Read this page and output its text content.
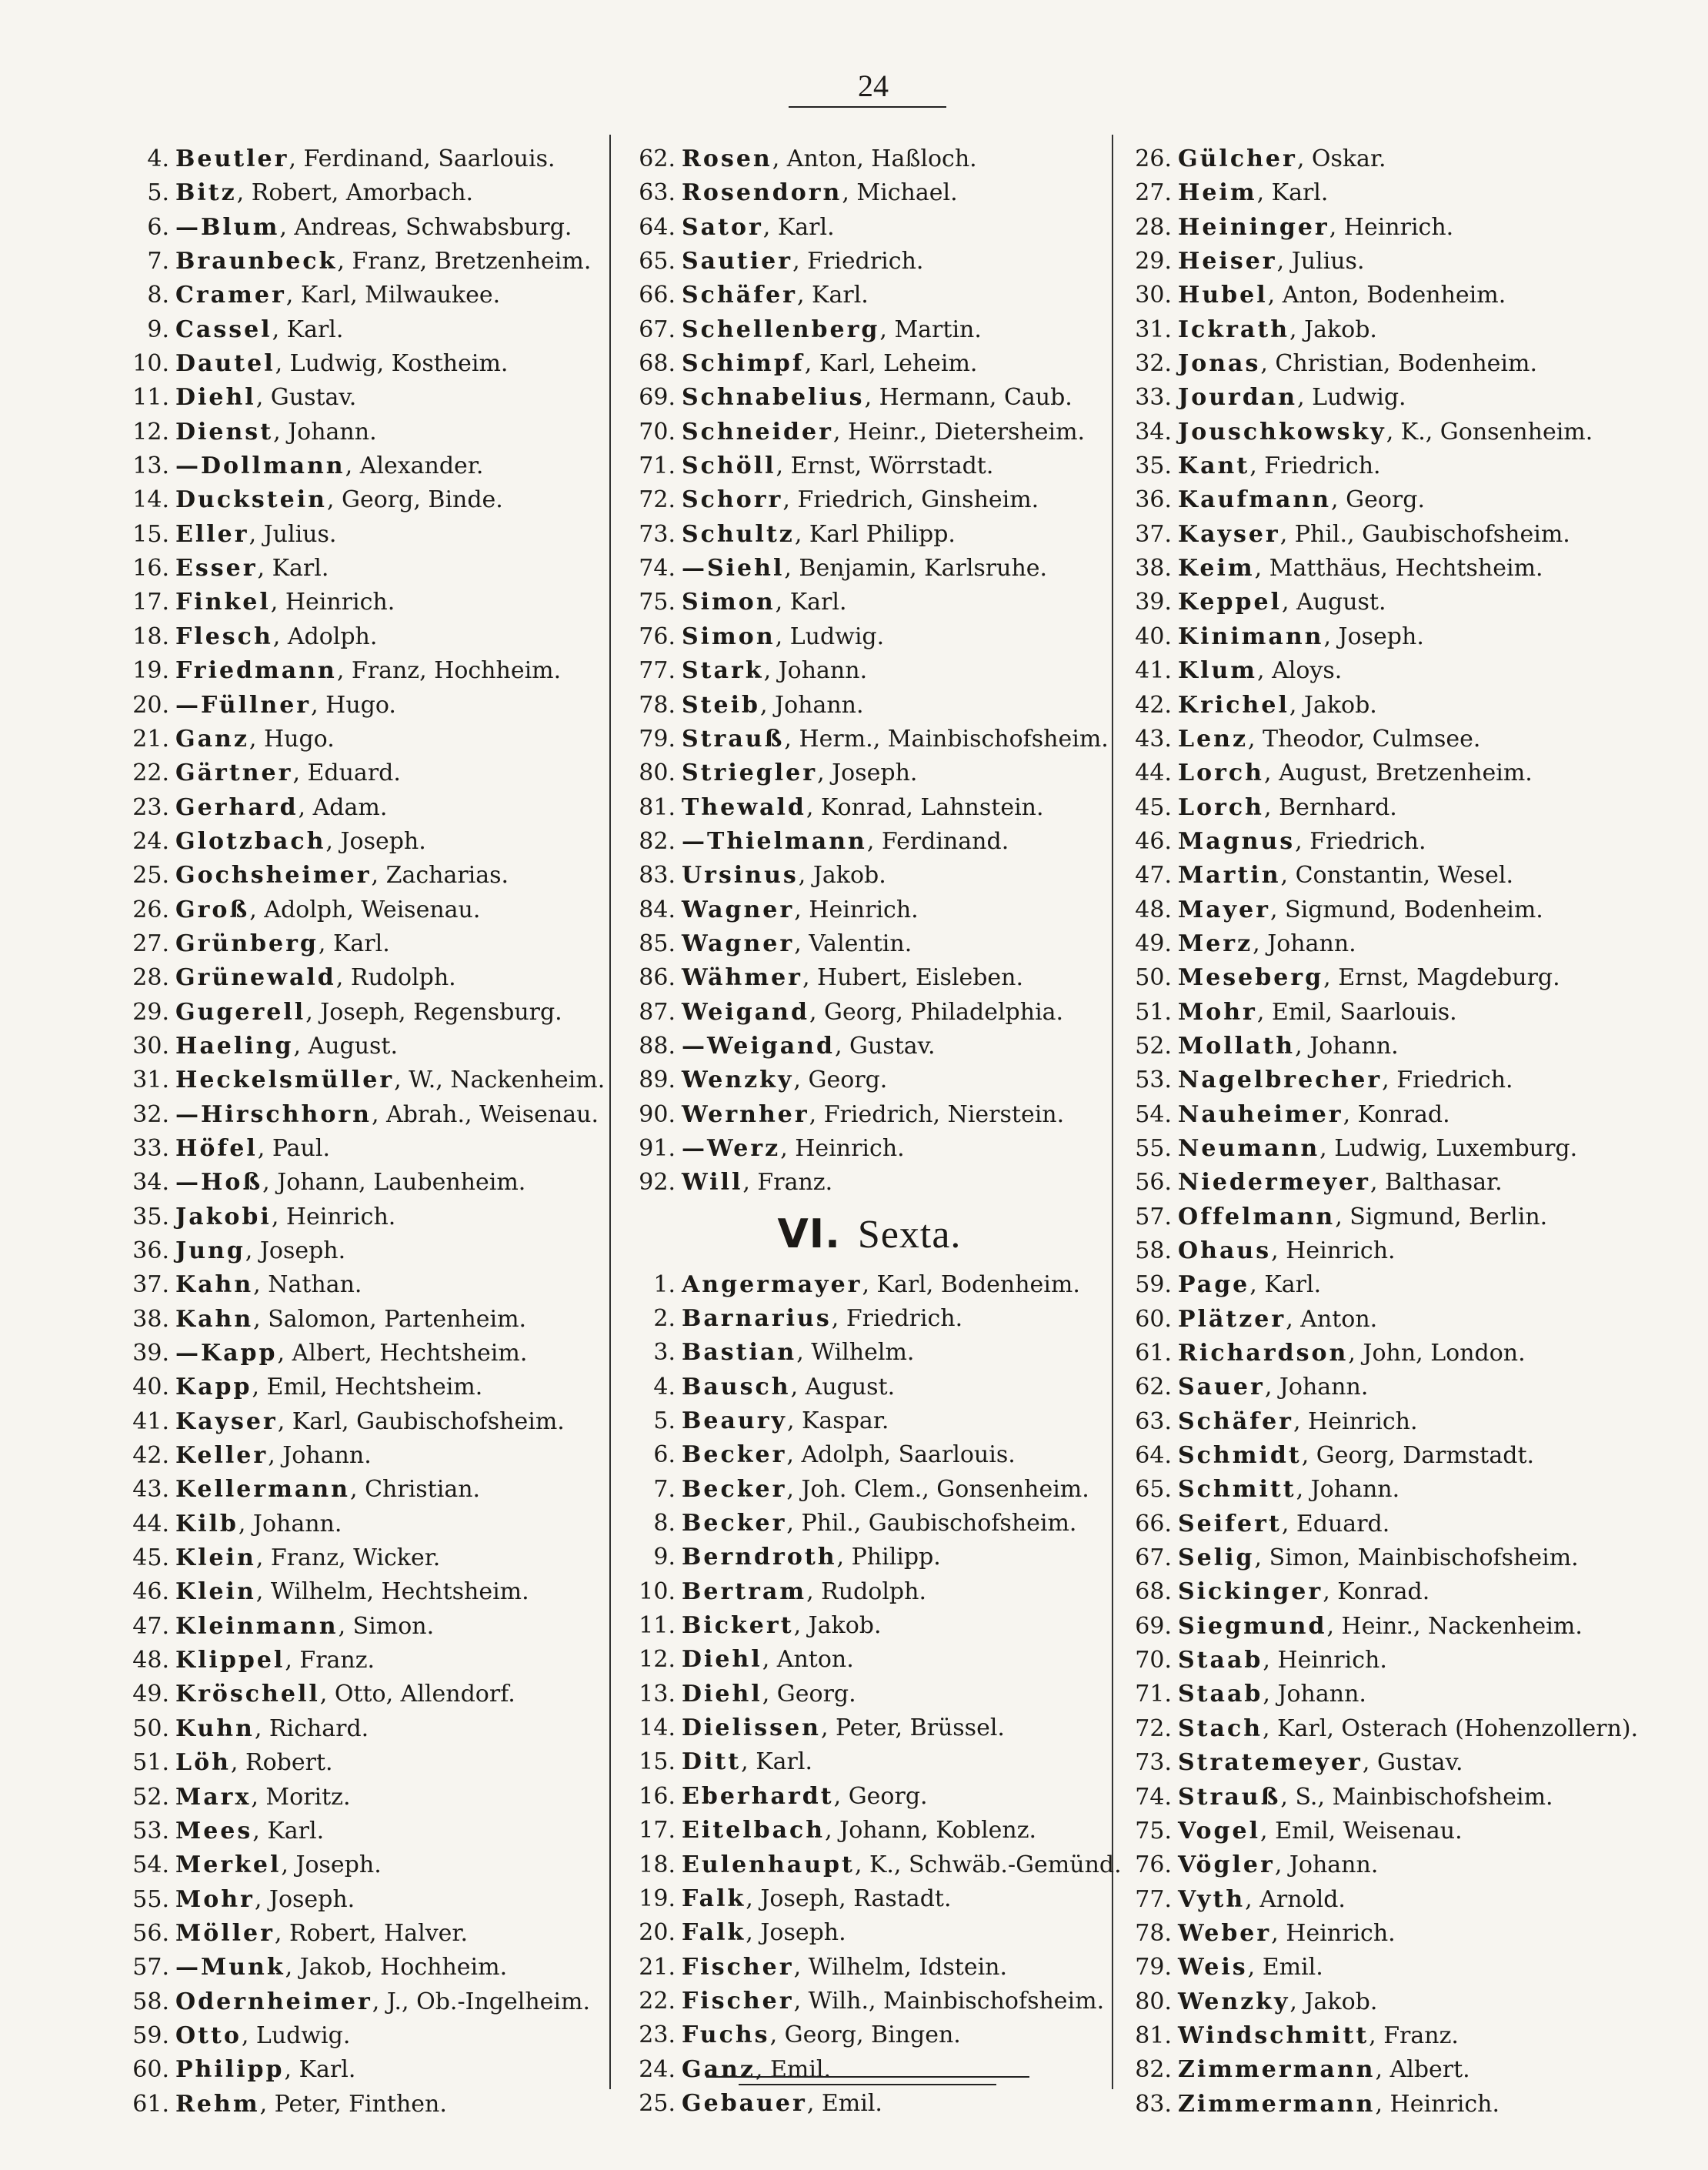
24
4. Beutler, Ferdinand, Saarlouis.
5. Bitz, Robert, Amorbach.
6. —Blum, Andreas, Schwabsburg.
7. Braunbeck, Franz, Bretzenheim.
8. Cramer, Karl, Milwaukee.
9. Cassel, Karl.
10. Dautel, Ludwig, Kostheim.
11. Diehl, Gustav.
12. Dienst, Johann.
13. —Dollmann, Alexander.
14. Duckstein, Georg, Binde.
15. Eller, Julius.
16. Esser, Karl.
17. Finkel, Heinrich.
18. Flesch, Adolph.
19. Friedmann, Franz, Hochheim.
20. —Füllner, Hugo.
21. Ganz, Hugo.
22. Gärtner, Eduard.
23. Gerhard, Adam.
24. Glotzbach, Joseph.
25. Gochsheimer, Zacharias.
26. Groß, Adolph, Weisenau.
27. Grünberg, Karl.
28. Grünewald, Rudolph.
29. Gugerell, Joseph, Regensburg.
30. Haeling, August.
31. Heckelsmüller, W., Nackenheim.
32. —Hirschhorn, Abrah., Weisenau.
33. Höfel, Paul.
34. —Hoß, Johann, Laubenheim.
35. Jakobi, Heinrich.
36. Jung, Joseph.
37. Kahn, Nathan.
38. Kahn, Salomon, Partenheim.
39. —Kapp, Albert, Hechtsheim.
40. Kapp, Emil, Hechtsheim.
41. Kayser, Karl, Gaubischofsheim.
42. Keller, Johann.
43. Kellermann, Christian.
44. Kilb, Johann.
45. Klein, Franz, Wicker.
46. Klein, Wilhelm, Hechtsheim.
47. Kleinmann, Simon.
48. Klippel, Franz.
49. Kröschell, Otto, Allendorf.
50. Kuhn, Richard.
51. Löh, Robert.
52. Marx, Moritz.
53. Mees, Karl.
54. Merkel, Joseph.
55. Mohr, Joseph.
56. Möller, Robert, Halver.
57. —Munk, Jakob, Hochheim.
58. Odernheimer, J., Ob.-Ingelheim.
59. Otto, Ludwig.
60. Philipp, Karl.
61. Rehm, Peter, Finthen.
62. Rosen, Anton, Haßloch.
63. Rosendorn, Michael.
64. Sator, Karl.
65. Sautier, Friedrich.
66. Schäfer, Karl.
67. Schellenberg, Martin.
68. Schimpf, Karl, Leheim.
69. Schnabelius, Hermann, Caub.
70. Schneider, Heinr., Dietersheim.
71. Schöll, Ernst, Wörrstadt.
72. Schorr, Friedrich, Ginsheim.
73. Schultz, Karl Philipp.
74. —Siehl, Benjamin, Karlsruhe.
75. Simon, Karl.
76. Simon, Ludwig.
77. Stark, Johann.
78. Steib, Johann.
79. Strauß, Herm., Mainbischofsheim.
80. Striegler, Joseph.
81. Thewald, Konrad, Lahnstein.
82. —Thielmann, Ferdinand.
83. Ursinus, Jakob.
84. Wagner, Heinrich.
85. Wagner, Valentin.
86. Wähmer, Hubert, Eisleben.
87. Weigand, Georg, Philadelphia.
88. —Weigand, Gustav.
89. Wenzky, Georg.
90. Wernher, Friedrich, Nierstein.
91. —Werz, Heinrich.
92. Will, Franz.
VI. Sexta.
1. Angermayer, Karl, Bodenheim.
2. Barnarius, Friedrich.
3. Bastian, Wilhelm.
4. Bausch, August.
5. Beaury, Kaspar.
6. Becker, Adolph, Saarlouis.
7. Becker, Joh. Clem., Gonsenheim.
8. Becker, Phil., Gaubischofsheim.
9. Berndroth, Philipp.
10. Bertram, Rudolph.
11. Bickert, Jakob.
12. Diehl, Anton.
13. Diehl, Georg.
14. Dielissen, Peter, Brüssel.
15. Ditt, Karl.
16. Eberhardt, Georg.
17. Eitelbach, Johann, Koblenz.
18. Eulenhaupt, K., Schwäb.-Gemünd.
19. Falk, Joseph, Rastadt.
20. Falk, Joseph.
21. Fischer, Wilhelm, Idstein.
22. Fischer, Wilh., Mainbischofsheim.
23. Fuchs, Georg, Bingen.
24. Ganz, Emil.
25. Gebauer, Emil.
26. Gülcher, Oskar.
27. Heim, Karl.
28. Heininger, Heinrich.
29. Heiser, Julius.
30. Hubel, Anton, Bodenheim.
31. Ickrath, Jakob.
32. Jonas, Christian, Bodenheim.
33. Jourdan, Ludwig.
34. Jouschkowsky, K., Gonsenheim.
35. Kant, Friedrich.
36. Kaufmann, Georg.
37. Kayser, Phil., Gaubischofsheim.
38. Keim, Matthäus, Hechtsheim.
39. Keppel, August.
40. Kinimann, Joseph.
41. Klum, Aloys.
42. Krichel, Jakob.
43. Lenz, Theodor, Culmsee.
44. Lorch, August, Bretzenheim.
45. Lorch, Bernhard.
46. Magnus, Friedrich.
47. Martin, Constantin, Wesel.
48. Mayer, Sigmund, Bodenheim.
49. Merz, Johann.
50. Meseberg, Ernst, Magdeburg.
51. Mohr, Emil, Saarlouis.
52. Mollath, Johann.
53. Nagelbrecher, Friedrich.
54. Nauheimer, Konrad.
55. Neumann, Ludwig, Luxemburg.
56. Niedermeyer, Balthasar.
57. Offelmann, Sigmund, Berlin.
58. Ohaus, Heinrich.
59. Page, Karl.
60. Plätzer, Anton.
61. Richardson, John, London.
62. Sauer, Johann.
63. Schäfer, Heinrich.
64. Schmidt, Georg, Darmstadt.
65. Schmitt, Johann.
66. Seifert, Eduard.
67. Selig, Simon, Mainbischofsheim.
68. Sickinger, Konrad.
69. Siegmund, Heinr., Nackenheim.
70. Staab, Heinrich.
71. Staab, Johann.
72. Stach, Karl, Osterach (Hohenzollern).
73. Stratemeyer, Gustav.
74. Strauß, S., Mainbischofsheim.
75. Vogel, Emil, Weisenau.
76. Vögler, Johann.
77. Vyth, Arnold.
78. Weber, Heinrich.
79. Weis, Emil.
80. Wenzky, Jakob.
81. Windschmitt, Franz.
82. Zimmermann, Albert.
83. Zimmermann, Heinrich.
